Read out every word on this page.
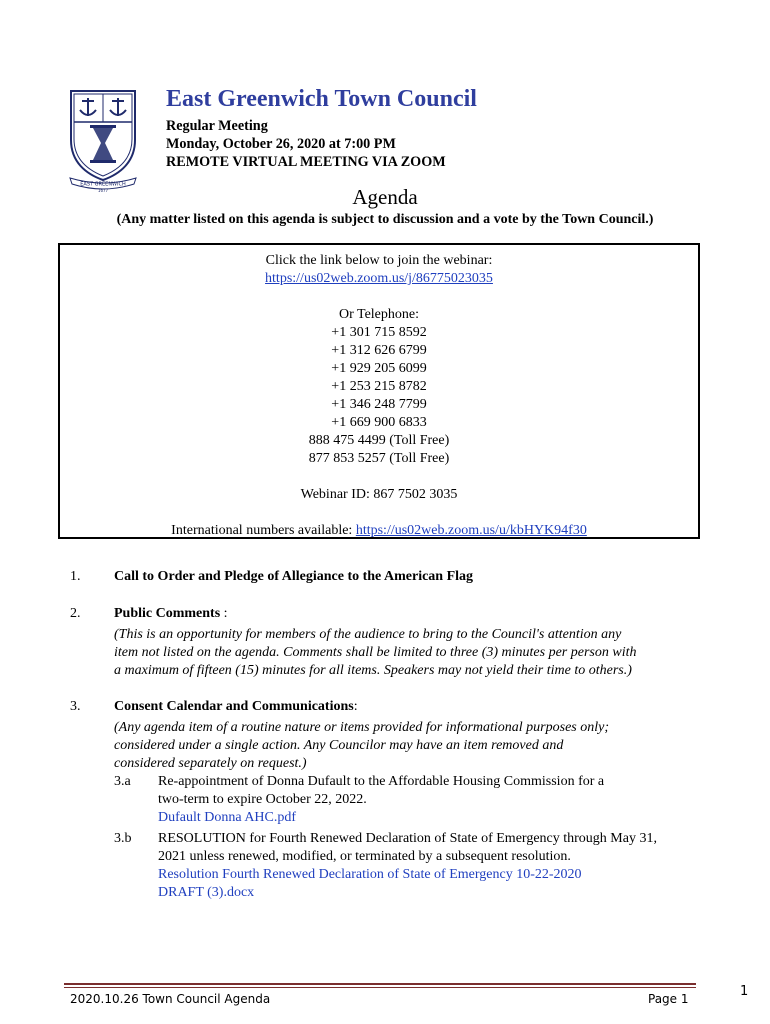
EAST GREENWICH
1677
East Greenwich Town Council
Regular Meeting
Monday, October 26, 2020 at 7:00 PM
REMOTE VIRTUAL MEETING VIA ZOOM
Agenda
(Any matter listed on this agenda is subject to discussion and a vote by the Town Council.)
Click the link below to join the webinar:
https://us02web.zoom.us/j/86775023035
Or Telephone:
+1 301 715 8592
+1 312 626 6799
+1 929 205 6099
+1 253 215 8782
+1 346 248 7799
+1 669 900 6833
888 475 4499 (Toll Free)
877 853 5257 (Toll Free)
Webinar ID: 867 7502 3035
International numbers available: https://us02web.zoom.us/u/kbHYK94f30
1. Call to Order and Pledge of Allegiance to the American Flag
2. Public Comments :
(This is an opportunity for members of the audience to bring to the Council's attention any
item not listed on the agenda. Comments shall be limited to three (3) minutes per person with
a maximum of fifteen (15) minutes for all items. Speakers may not yield their time to others.)
3. Consent Calendar and Communications:
(Any agenda item of a routine nature or items provided for informational purposes only;
considered under a single action. Any Councilor may have an item removed and
considered separately on request.)
3.a Re-appointment of Donna Dufault to the Affordable Housing Commission for a
two-term to expire October 22, 2022.
Dufault Donna AHC.pdf
3.b RESOLUTION for Fourth Renewed Declaration of State of Emergency through May 31,
2021 unless renewed, modified, or terminated by a subsequent resolution.
Resolution Fourth Renewed Declaration of State of Emergency 10-22-2020
DRAFT (3).docx
2020.10.26 Town Council Agenda	Page 1	1
